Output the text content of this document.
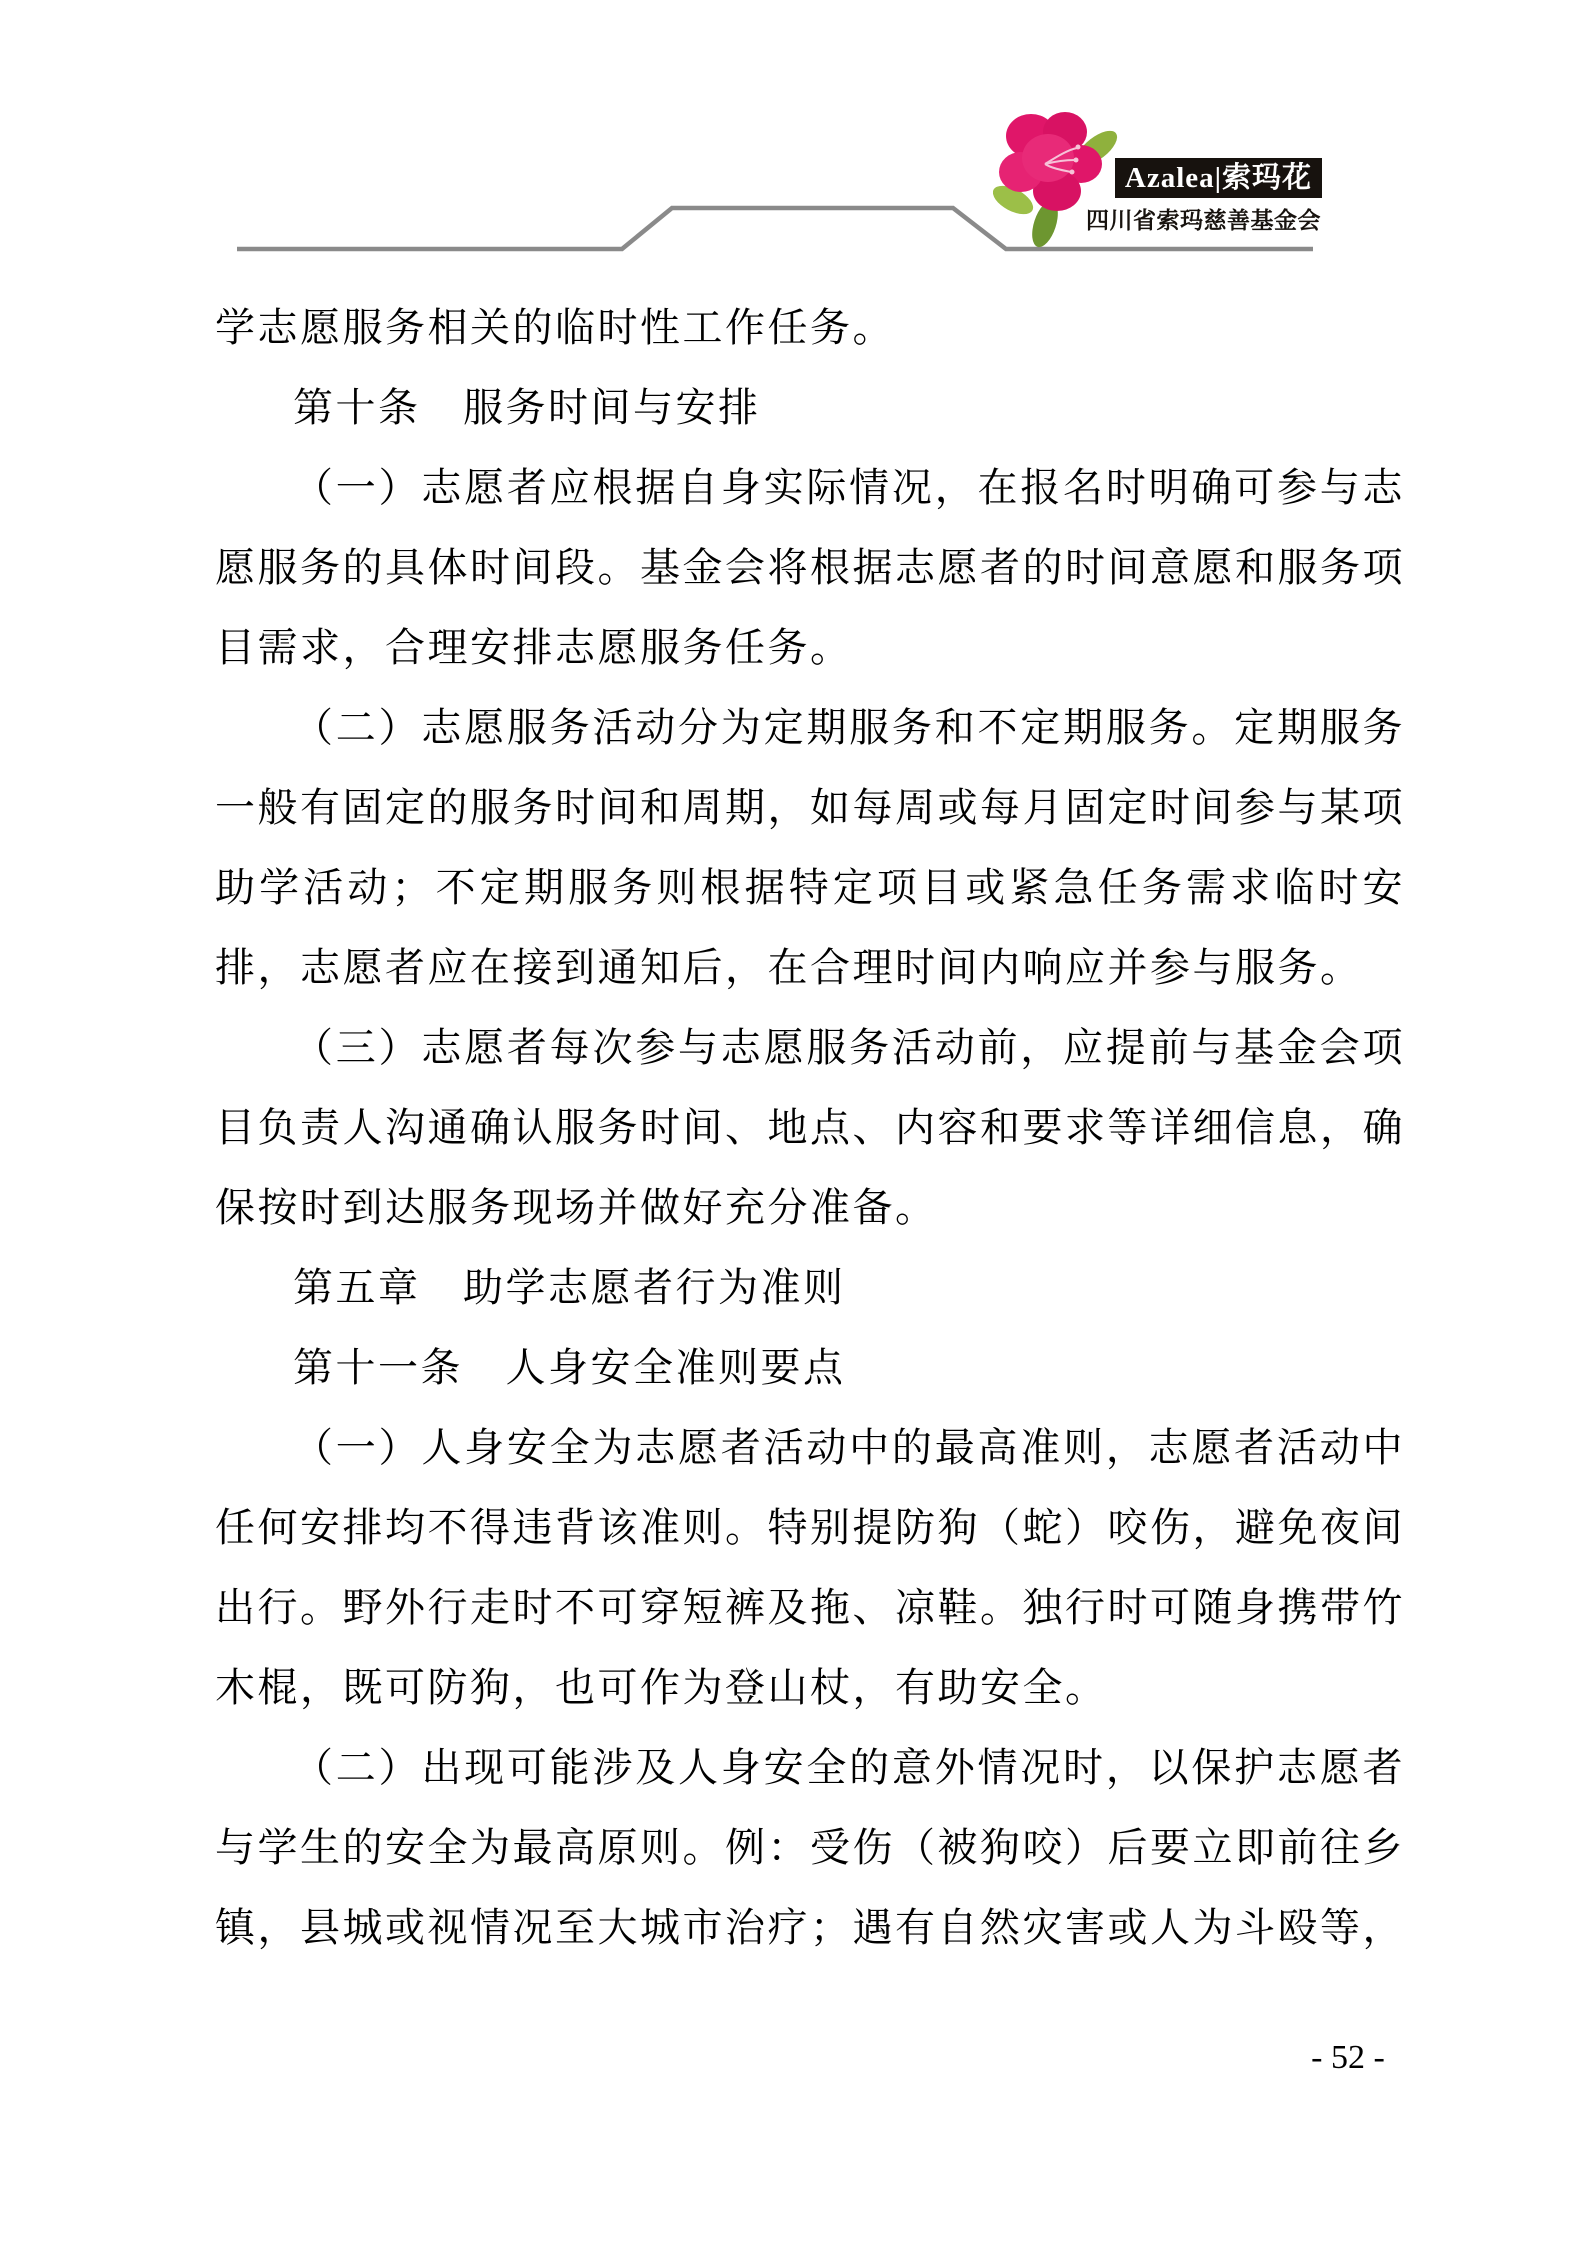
Azalea|索玛花
四川省索玛慈善基金会
学志愿服务相关的临时性工作任务。
第十条　服务时间与安排
（一）志愿者应根据自身实际情况，在报名时明确可参与志
愿服务的具体时间段。基金会将根据志愿者的时间意愿和服务项
目需求，合理安排志愿服务任务。
（二）志愿服务活动分为定期服务和不定期服务。定期服务
一般有固定的服务时间和周期，如每周或每月固定时间参与某项
助学活动；不定期服务则根据特定项目或紧急任务需求临时安
排，志愿者应在接到通知后，在合理时间内响应并参与服务。
（三）志愿者每次参与志愿服务活动前，应提前与基金会项
目负责人沟通确认服务时间、地点、内容和要求等详细信息，确
保按时到达服务现场并做好充分准备。
第五章　助学志愿者行为准则
第十一条　人身安全准则要点
（一）人身安全为志愿者活动中的最高准则，志愿者活动中
任何安排均不得违背该准则。特别提防狗（蛇）咬伤，避免夜间
出行。野外行走时不可穿短裤及拖、凉鞋。独行时可随身携带竹
木棍，既可防狗，也可作为登山杖，有助安全。
（二）出现可能涉及人身安全的意外情况时，以保护志愿者
与学生的安全为最高原则。例：受伤（被狗咬）后要立即前往乡
镇，县城或视情况至大城市治疗；遇有自然灾害或人为斗殴等，
- 52 -
